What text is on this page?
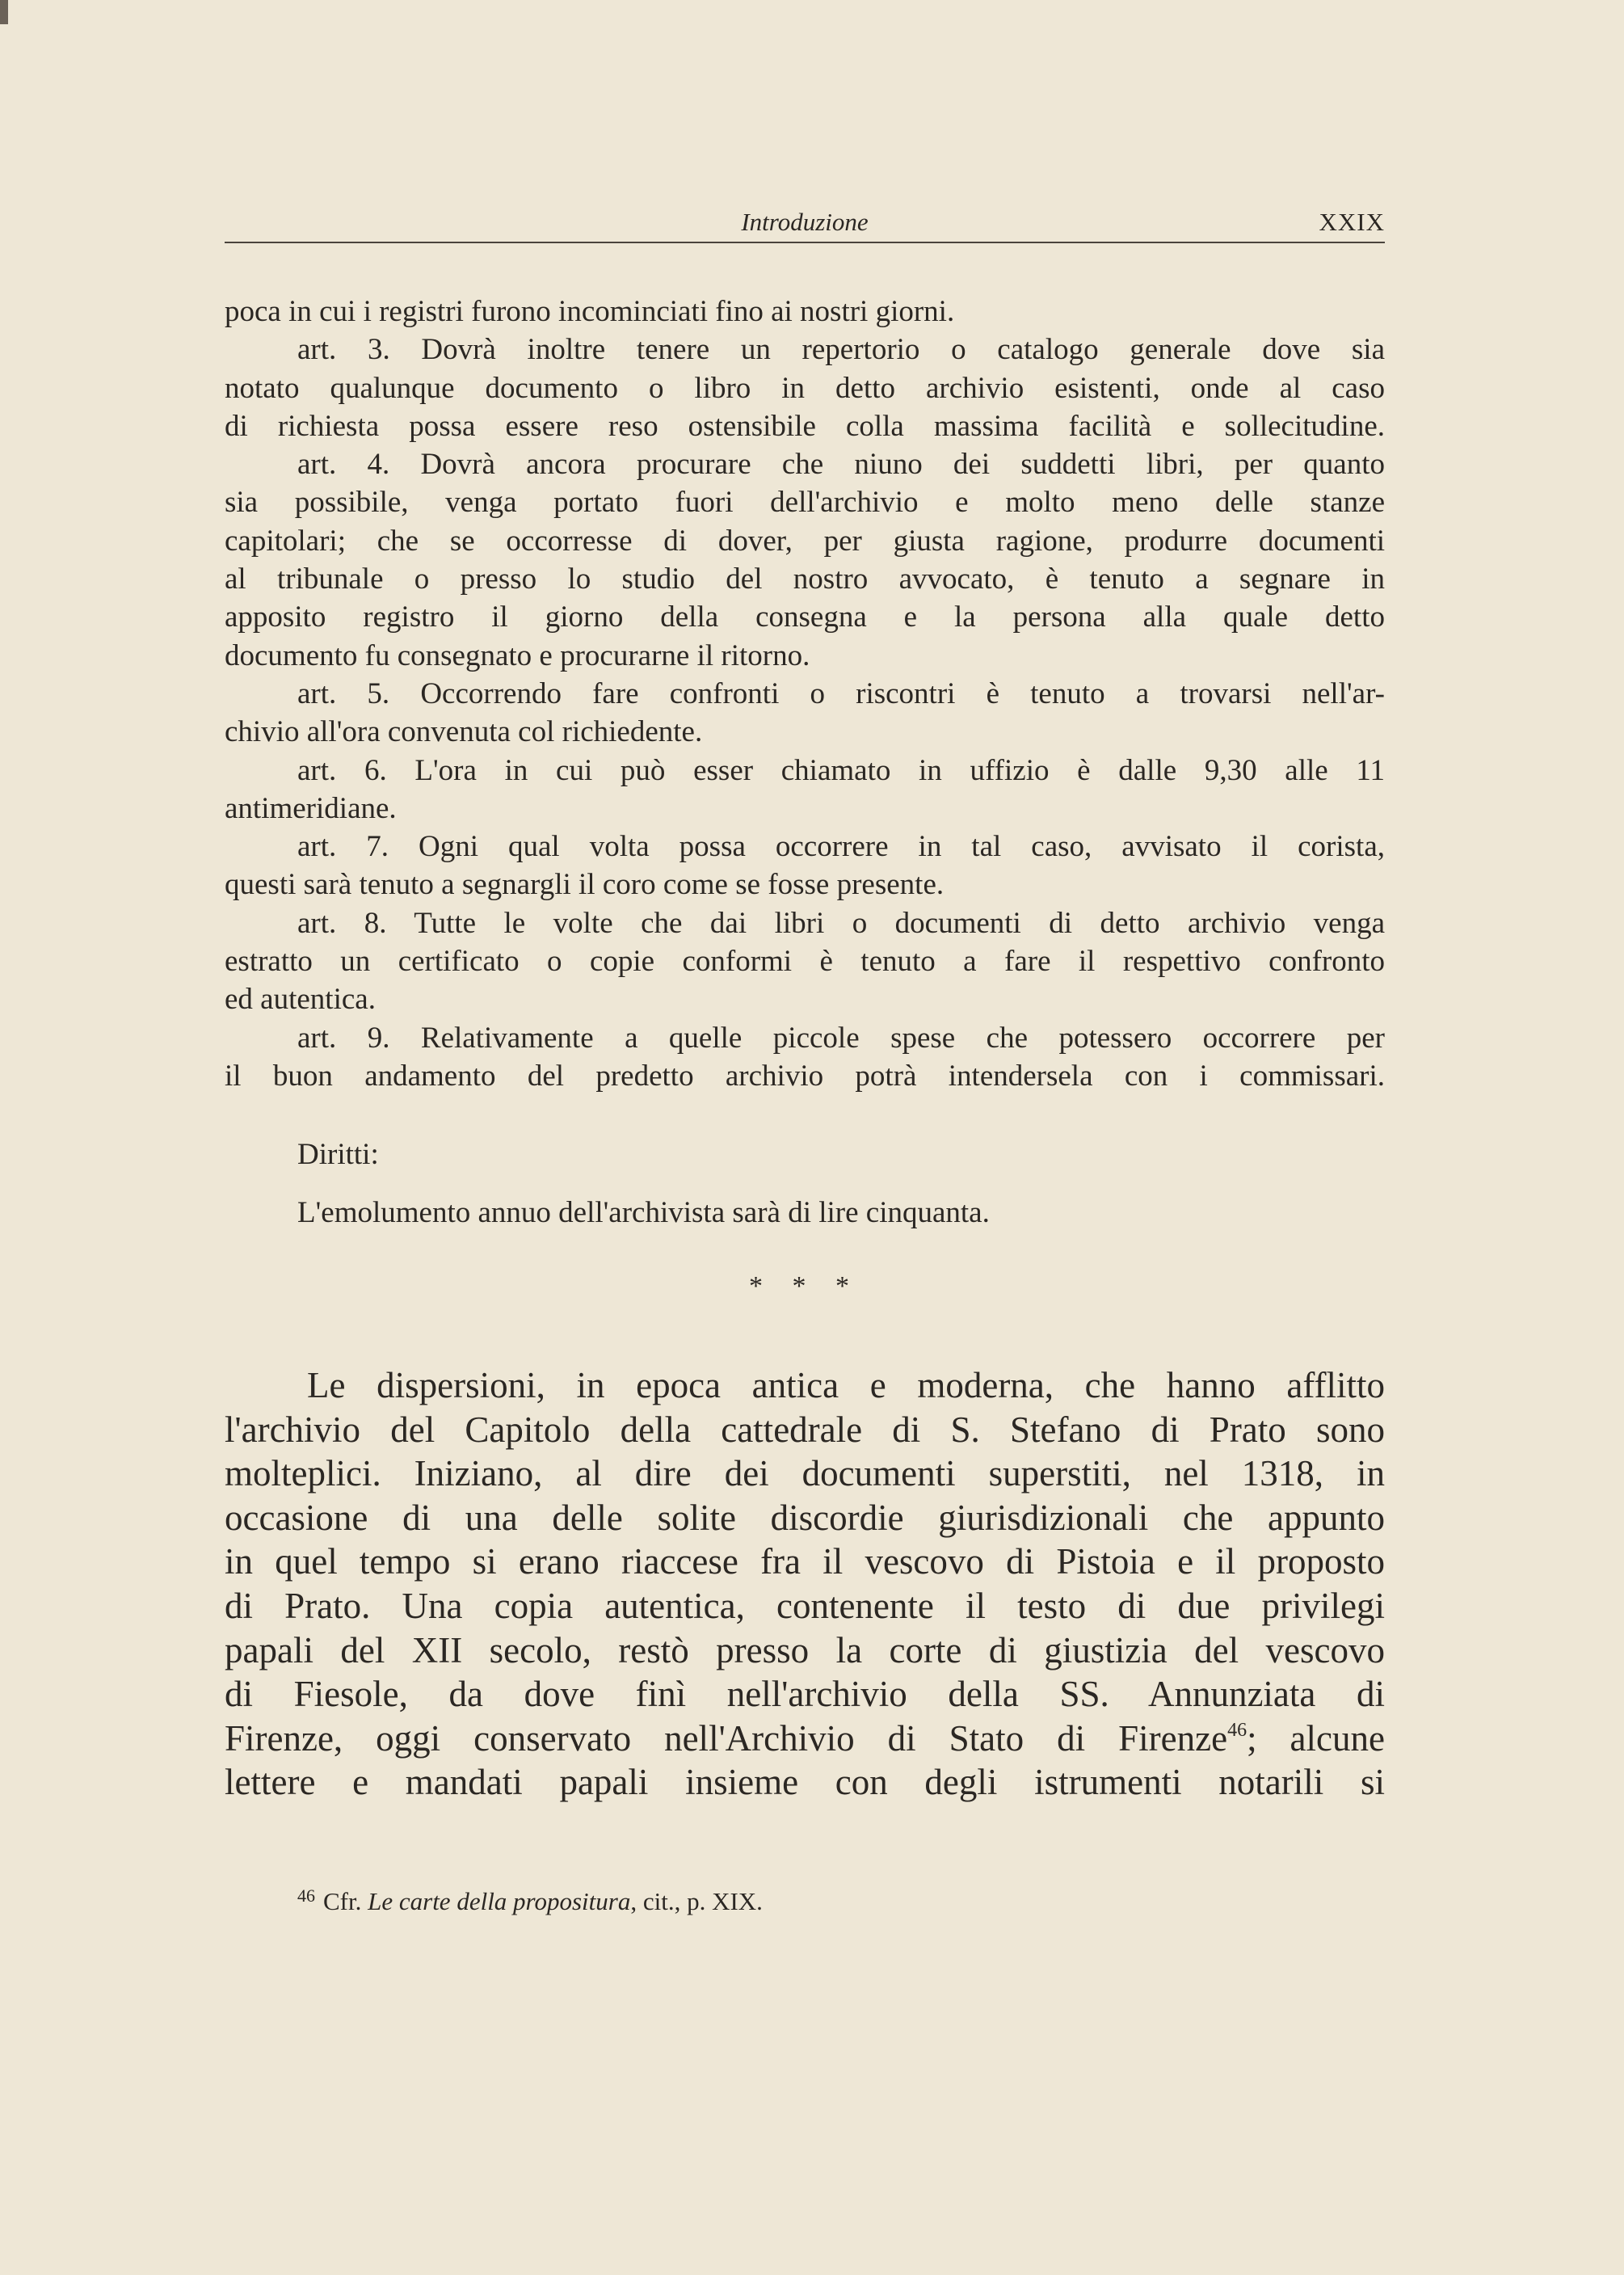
Introduzione	XXIX
poca in cui i registri furono incominciati fino ai nostri giorni.
art. 3. Dovrà inoltre tenere un repertorio o catalogo generale dove sia
notato qualunque documento o libro in detto archivio esistenti, onde al caso
di richiesta possa essere reso ostensibile colla massima facilità e sollecitudine.
art. 4. Dovrà ancora procurare che niuno dei suddetti libri, per quanto
sia possibile, venga portato fuori dell'archivio e molto meno delle stanze
capitolari; che se occorresse di dover, per giusta ragione, produrre documenti
al tribunale o presso lo studio del nostro avvocato, è tenuto a segnare in
apposito registro il giorno della consegna e la persona alla quale detto
documento fu consegnato e procurarne il ritorno.
art. 5. Occorrendo fare confronti o riscontri è tenuto a trovarsi nell'ar-
chivio all'ora convenuta col richiedente.
art. 6. L'ora in cui può esser chiamato in uffizio è dalle 9,30 alle 11
antimeridiane.
art. 7. Ogni qual volta possa occorrere in tal caso, avvisato il corista,
questi sarà tenuto a segnargli il coro come se fosse presente.
art. 8. Tutte le volte che dai libri o documenti di detto archivio venga
estratto un certificato o copie conformi è tenuto a fare il respettivo confronto
ed autentica.
art. 9. Relativamente a quelle piccole spese che potessero occorrere per
il buon andamento del predetto archivio potrà intendersela con i commissari.
Diritti:
L'emolumento annuo dell'archivista sarà di lire cinquanta.
* * *
Le dispersioni, in epoca antica e moderna, che hanno afflitto
l'archivio del Capitolo della cattedrale di S. Stefano di Prato sono
molteplici. Iniziano, al dire dei documenti superstiti, nel 1318, in
occasione di una delle solite discordie giurisdizionali che appunto
in quel tempo si erano riaccese fra il vescovo di Pistoia e il proposto
di Prato. Una copia autentica, contenente il testo di due privilegi
papali del XII secolo, restò presso la corte di giustizia del vescovo
di Fiesole, da dove finì nell'archivio della SS. Annunziata di
Firenze, oggi conservato nell'Archivio di Stato di Firenze$^{46}$; alcune
lettere e mandati papali insieme con degli istrumenti notarili si
$^{46}$ Cfr. Le carte della propositura, cit., p. XIX.
